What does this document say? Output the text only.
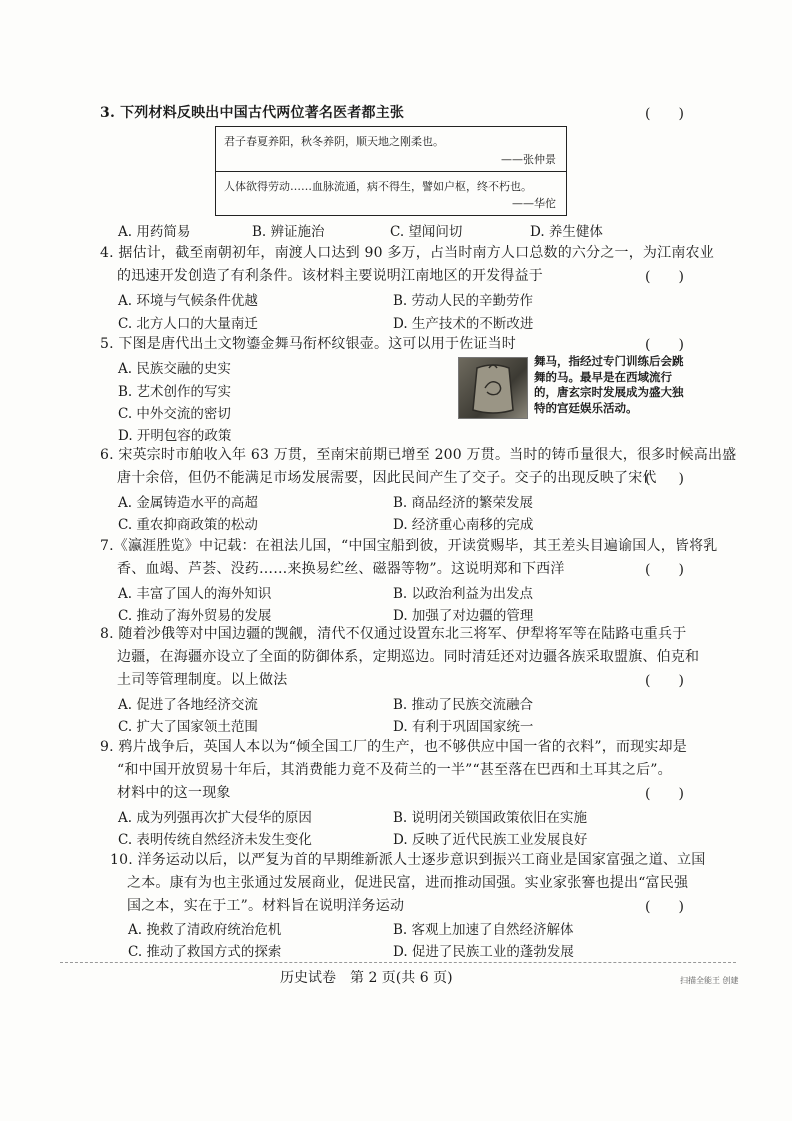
3. 下列材料反映出中国古代两位著名医者都主张	(　　)
君子春夏养阳，秋冬养阴，顺天地之刚柔也。
——张仲景
人体欲得劳动……血脉流通，病不得生，譬如户枢，终不朽也。
——华佗
A. 用药简易	B. 辨证施治	C. 望闻问切	D. 养生健体
4. 据估计，截至南朝初年，南渡人口达到 90 多万，占当时南方人口总数的六分之一，为江南农业
的迅速开发创造了有利条件。该材料主要说明江南地区的开发得益于	(　　)
A. 环境与气候条件优越	B. 劳动人民的辛勤劳作
C. 北方人口的大量南迁	D. 生产技术的不断改进
5. 下图是唐代出土文物鎏金舞马衔杯纹银壶。这可以用于佐证当时	(　　)
A. 民族交融的史实
B. 艺术创作的写实
C. 中外交流的密切
D. 开明包容的政策
舞马，指经过专门训练后会跳舞的马。最早是在西域流行的，唐玄宗时发展成为盛大独特的宫廷娱乐活动。
6. 宋英宗时市舶收入年 63 万贯，至南宋前期已增至 200 万贯。当时的铸币量很大，很多时候高出盛
唐十余倍，但仍不能满足市场发展需要，因此民间产生了交子。交子的出现反映了宋代
(　　)
A. 金属铸造水平的高超	B. 商品经济的繁荣发展
C. 重农抑商政策的松动	D. 经济重心南移的完成
7.《瀛涯胜览》中记载：在祖法儿国，“中国宝船到彼，开读赏赐毕，其王差头目遍谕国人，皆将乳
香、血竭、芦荟、没药……来换易纻丝、磁器等物”。这说明郑和下西洋	(　　)
A. 丰富了国人的海外知识	B. 以政治利益为出发点
C. 推动了海外贸易的发展	D. 加强了对边疆的管理
8. 随着沙俄等对中国边疆的觊觎，清代不仅通过设置东北三将军、伊犁将军等在陆路屯重兵于
边疆，在海疆亦设立了全面的防御体系，定期巡边。同时清廷还对边疆各族采取盟旗、伯克和
土司等管理制度。以上做法	(　　)
A. 促进了各地经济交流	B. 推动了民族交流融合
C. 扩大了国家领土范围	D. 有利于巩固国家统一
9. 鸦片战争后，英国人本以为“倾全国工厂的生产，也不够供应中国一省的衣料”，而现实却是
“和中国开放贸易十年后，其消费能力竟不及荷兰的一半”“甚至落在巴西和土耳其之后”。
材料中的这一现象	(　　)
A. 成为列强再次扩大侵华的原因	B. 说明闭关锁国政策依旧在实施
C. 表明传统自然经济未发生变化	D. 反映了近代民族工业发展良好
10. 洋务运动以后，以严复为首的早期维新派人士逐步意识到振兴工商业是国家富强之道、立国
之本。康有为也主张通过发展商业，促进民富，进而推动国强。实业家张謇也提出“富民强
国之本，实在于工”。材料旨在说明洋务运动	(　　)
A. 挽救了清政府统治危机	B. 客观上加速了自然经济解体
C. 推动了救国方式的探索	D. 促进了民族工业的蓬勃发展
历史试卷　第 2 页(共 6 页)	扫描全能王 创建
